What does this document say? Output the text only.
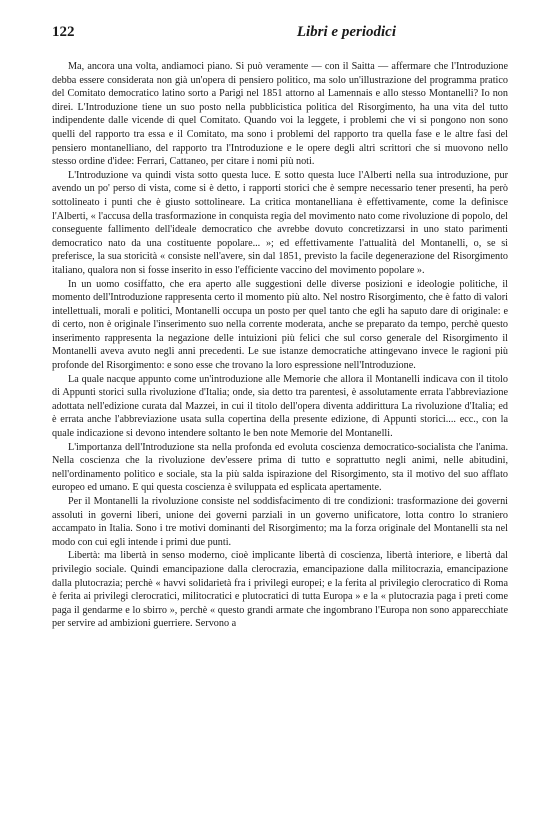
122	Libri e periodici

Ma, ancora una volta, andiamoci piano. Si può veramente — con il Saitta — affermare che l'Introduzione debba essere considerata non già un'opera di pensiero politico, ma solo un'illustrazione del programma pratico del Comitato democratico latino sorto a Parigi nel 1851 attorno al Lamennais e allo stesso Montanelli? Io non direi. L'Introduzione tiene un suo posto nella pubblicistica politica del Risorgimento, ha una vita del tutto indipendente dalle vicende di quel Comitato. Quando voi la leggete, i problemi che vi si pongono non sono quelli del rapporto tra essa e il Comitato, ma sono i problemi del rapporto tra quella fase e le altre fasi del pensiero montanelliano, del rapporto tra l'Introduzione e le opere degli altri scrittori che si muovono nello stesso ordine d'idee: Ferrari, Cattaneo, per citare i nomi più noti.

L'Introduzione va quindi vista sotto questa luce. E sotto questa luce l'Alberti nella sua introduzione, pur avendo un po' perso di vista, come si è detto, i rapporti storici che è sempre necessario tener presenti, ha però sottolineato i punti che è giusto sottolineare. La critica montanelliana è effettivamente, come la definisce l'Alberti, « l'accusa della trasformazione in conquista regia del movimento nato come rivoluzione di popolo, del conseguente fallimento dell'ideale democratico che avrebbe dovuto concretizzarsi in uno stato parimenti democratico nato da una costituente popolare... »; ed effettivamente l'attualità del Montanelli, o, se si preferisce, la sua storicità « consiste nell'avere, sin dal 1851, previsto la facile degenerazione del Risorgimento italiano, qualora non si fosse inserito in esso l'efficiente vaccino del movimento popolare ».

In un uomo cosiffatto, che era aperto alle suggestioni delle diverse posizioni e ideologie politiche, il momento dell'Introduzione rappresenta certo il momento più alto. Nel nostro Risorgimento, che è fatto di valori intellettuali, morali e politici, Montanelli occupa un posto per quel tanto che egli ha saputo dare di originale: e di certo, non è originale l'inserimento suo nella corrente moderata, anche se preparato da tempo, perchè questo inserimento rappresenta la negazione delle intuizioni più felici che sul corso generale del Risorgimento il Montanelli aveva avuto negli anni precedenti. Le sue istanze democratiche attingevano invece le ragioni più profonde del Risorgimento: e sono esse che trovano la loro espressione nell'Introduzione.

La quale nacque appunto come un'introduzione alle Memorie che allora il Montanelli indicava con il titolo di Appunti storici sulla rivoluzione d'Italia; onde, sia detto tra parentesi, è assolutamente errata l'abbreviazione adottata nell'edizione curata dal Mazzei, in cui il titolo dell'opera diventa addirittura La rivoluzione d'Italia; ed è errata anche l'abbreviazione usata sulla copertina della presente edizione, di Appunti storici.... ecc., con la quale indicazione si devono intendere soltanto le ben note Memorie del Montanelli.

L'importanza dell'Introduzione sta nella profonda ed evoluta coscienza democratico-socialista che l'anima. Nella coscienza che la rivoluzione dev'essere prima di tutto e soprattutto negli animi, nelle abitudini, nell'ordinamento politico e sociale, sta la più salda ispirazione del Risorgimento, sta il motivo del suo afflato europeo ed umano. E qui questa coscienza è sviluppata ed esplicata apertamente.

Per il Montanelli la rivoluzione consiste nel soddisfacimento di tre condizioni: trasformazione dei governi assoluti in governi liberi, unione dei governi parziali in un governo unificatore, lotta contro lo straniero accampato in Italia. Sono i tre motivi dominanti del Risorgimento; ma la forza originale del Montanelli sta nel modo con cui egli intende i primi due punti.

Libertà: ma libertà in senso moderno, cioè implicante libertà di coscienza, libertà interiore, e libertà dal privilegio sociale. Quindi emancipazione dalla clerocrazia, emancipazione dalla militocrazia, emancipazione dalla plutocrazia; perchè « havvi solidarietà fra i privilegi europei; e la ferita al privilegio clerocratico di Roma è ferita ai privilegi clerocratici, militocratici e plutocratici di tutta Europa » e la « plutocrazia paga i preti come paga il gendarme e lo sbirro », perchè « questo grandi armate che ingombrano l'Europa non sono apparecchiate per servire ad ambizioni guerriere. Servono a
